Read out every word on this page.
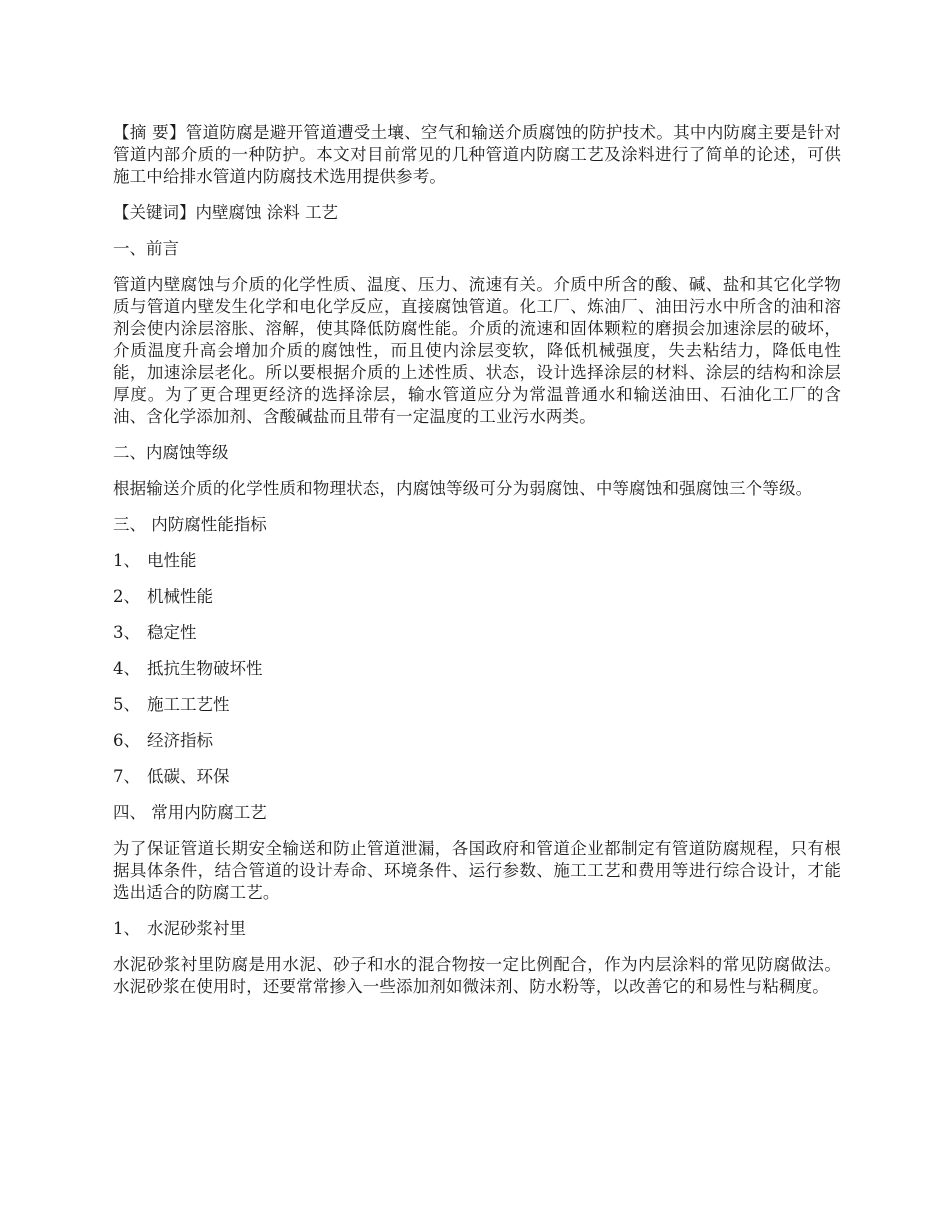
【摘 要】管道防腐是避开管道遭受土壤、空气和输送介质腐蚀的防护技术。其中内防腐主要是针对管道内部介质的一种防护。本文对目前常见的几种管道内防腐工艺及涂料进行了简单的论述，可供施工中给排水管道内防腐技术选用提供参考。

【关键词】内壁腐蚀 涂料 工艺

一、前言

管道内壁腐蚀与介质的化学性质、温度、压力、流速有关。介质中所含的酸、碱、盐和其它化学物质与管道内壁发生化学和电化学反应，直接腐蚀管道。化工厂、炼油厂、油田污水中所含的油和溶剂会使内涂层溶胀、溶解，使其降低防腐性能。介质的流速和固体颗粒的磨损会加速涂层的破坏，介质温度升高会增加介质的腐蚀性，而且使内涂层变软，降低机械强度，失去粘结力，降低电性能，加速涂层老化。所以要根据介质的上述性质、状态，设计选择涂层的材料、涂层的结构和涂层厚度。为了更合理更经济的选择涂层，输水管道应分为常温普通水和输送油田、石油化工厂的含油、含化学添加剂、含酸碱盐而且带有一定温度的工业污水两类。

二、内腐蚀等级

根据输送介质的化学性质和物理状态，内腐蚀等级可分为弱腐蚀、中等腐蚀和强腐蚀三个等级。

三、 内防腐性能指标

1、 电性能

2、 机械性能

3、 稳定性

4、 抵抗生物破坏性

5、 施工工艺性

6、 经济指标

7、 低碳、环保

四、 常用内防腐工艺

为了保证管道长期安全输送和防止管道泄漏，各国政府和管道企业都制定有管道防腐规程，只有根据具体条件，结合管道的设计寿命、环境条件、运行参数、施工工艺和费用等进行综合设计，才能选出适合的防腐工艺。

1、 水泥砂浆衬里

水泥砂浆衬里防腐是用水泥、砂子和水的混合物按一定比例配合，作为内层涂料的常见防腐做法。水泥砂浆在使用时，还要常常掺入一些添加剂如微沫剂、防水粉等，以改善它的和易性与粘稠度。
